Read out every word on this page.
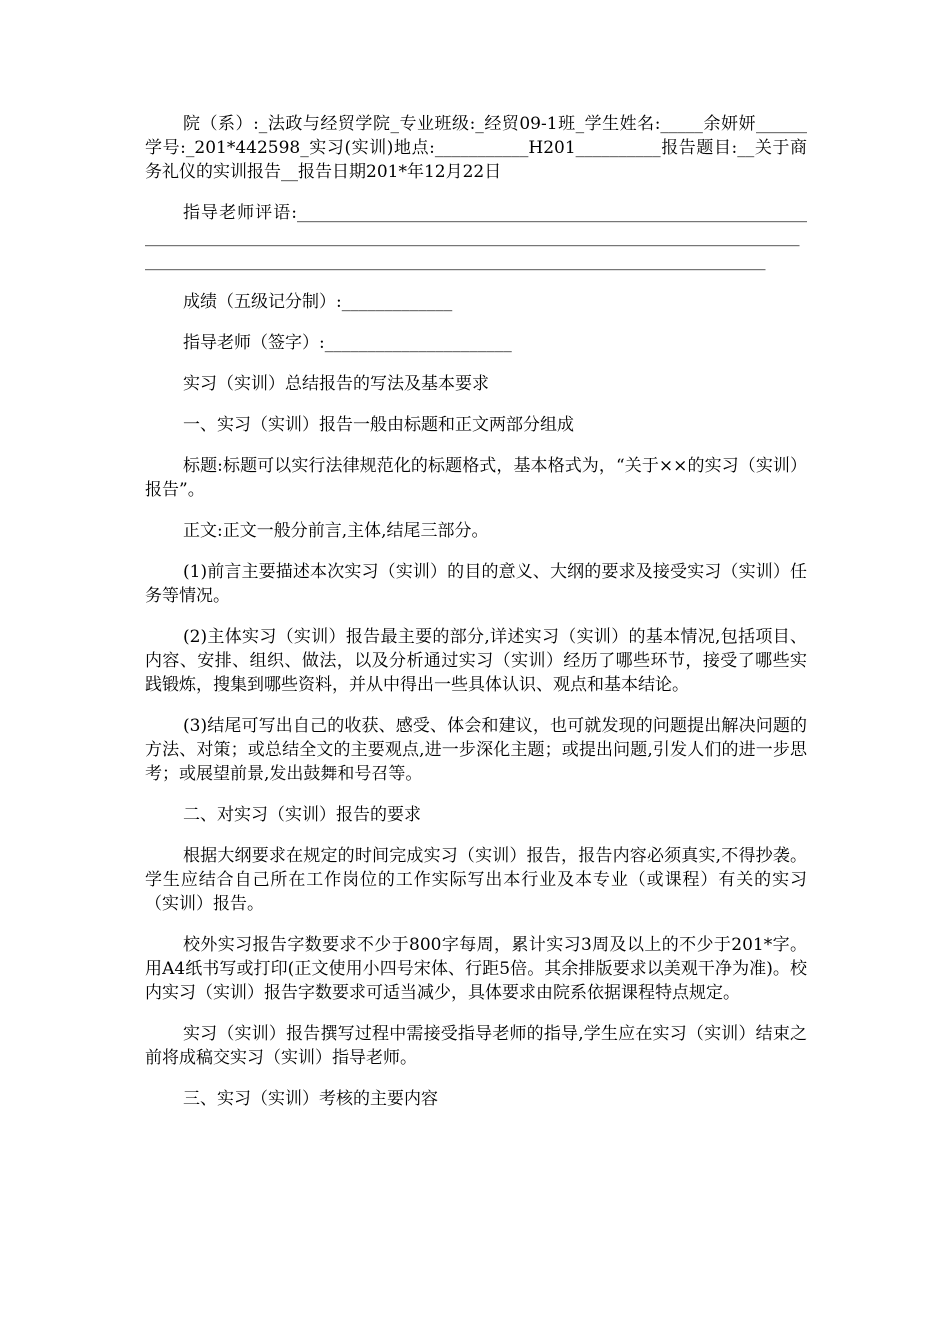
院（系）:_法政与经贸学院_专业班级:_经贸09-1班_学生姓名:_____余妍妍______学号:_201*442598_实习(实训)地点:___________H201__________报告题目:__关于商务礼仪的实训报告__报告日期201*年12月22日

指导老师评语:__________________________________________________________________________________________________________________________________________________________________________________________________________________

成绩（五级记分制）:_____________

指导老师（签字）:______________________

实习（实训）总结报告的写法及基本要求

一、实习（实训）报告一般由标题和正文两部分组成

标题:标题可以实行法律规范化的标题格式，基本格式为，“关于××的实习（实训）报告”。

正文:正文一般分前言,主体,结尾三部分。

(1)前言主要描述本次实习（实训）的目的意义、大纲的要求及接受实习（实训）任务等情况。

(2)主体实习（实训）报告最主要的部分,详述实习（实训）的基本情况,包括项目、内容、安排、组织、做法，以及分析通过实习（实训）经历了哪些环节，接受了哪些实践锻炼，搜集到哪些资料，并从中得出一些具体认识、观点和基本结论。

(3)结尾可写出自己的收获、感受、体会和建议，也可就发现的问题提出解决问题的方法、对策；或总结全文的主要观点,进一步深化主题；或提出问题,引发人们的进一步思考；或展望前景,发出鼓舞和号召等。

二、对实习（实训）报告的要求

根据大纲要求在规定的时间完成实习（实训）报告，报告内容必须真实,不得抄袭。学生应结合自己所在工作岗位的工作实际写出本行业及本专业（或课程）有关的实习（实训）报告。

校外实习报告字数要求不少于800字每周，累计实习3周及以上的不少于201*字。用A4纸书写或打印(正文使用小四号宋体、行距5倍。其余排版要求以美观干净为准)。校内实习（实训）报告字数要求可适当减少，具体要求由院系依据课程特点规定。

实习（实训）报告撰写过程中需接受指导老师的指导,学生应在实习（实训）结束之前将成稿交实习（实训）指导老师。

三、实习（实训）考核的主要内容
